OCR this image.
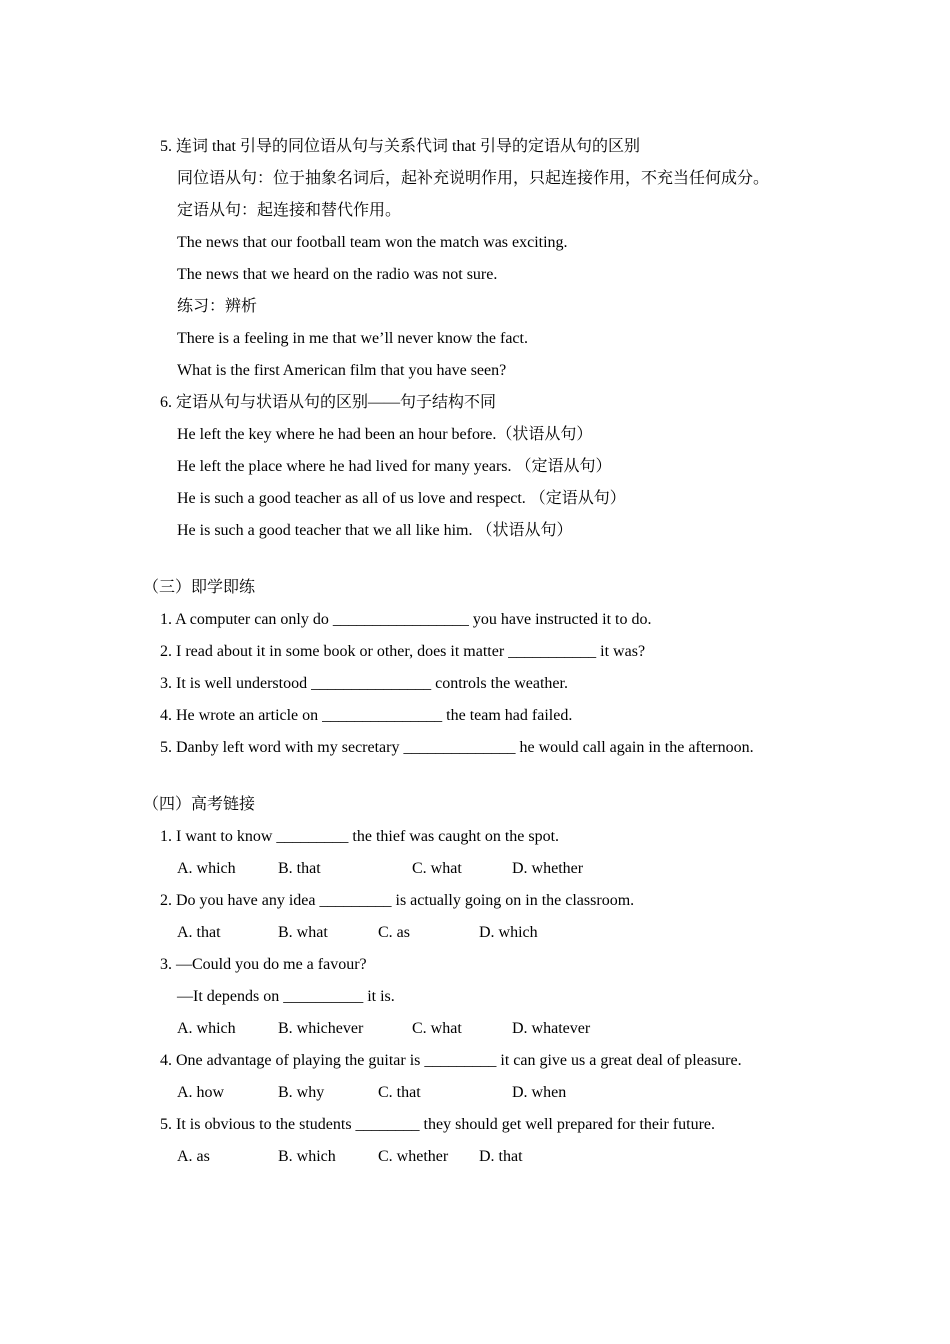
5. 连词 that 引导的同位语从句与关系代词 that 引导的定语从句的区别
同位语从句：位于抽象名词后，起补充说明作用，只起连接作用，不充当任何成分。
定语从句：起连接和替代作用。
The news that our football team won the match was exciting.
The news that we heard on the radio was not sure.
练习：辨析
There is a feeling in me that we’ll never know the fact.
What is the first American film that you have seen?
6. 定语从句与状语从句的区别——句子结构不同
He left the key where he had been an hour before.（状语从句）
He left the place where he had lived for many years. （定语从句）
He is such a good teacher as all of us love and respect. （定语从句）
He is such a good teacher that we all like him. （状语从句）
（三）即学即练
1. A computer can only do _________________ you have instructed it to do.
2. I read about it in some book or other, does it matter ___________ it was?
3. It is well understood _______________ controls the weather.
4. He wrote an article on _______________ the team had failed.
5. Danby left word with my secretary ______________ he would call again in the afternoon.
（四）高考链接
1. I want to know _________ the thief was caught on the spot.
A. which	B. that	C. what	D. whether
2. Do you have any idea _________ is actually going on in the classroom.
A. that	B. what	C. as	D. which
3. —Could you do me a favour?
—It depends on __________ it is.
A. which	B. whichever	C. what	D. whatever
4. One advantage of playing the guitar is _________ it can give us a great deal of pleasure.
A. how	B. why	C. that	D. when
5. It is obvious to the students ________ they should get well prepared for their future.
A. as	B. which	C. whether D. that
